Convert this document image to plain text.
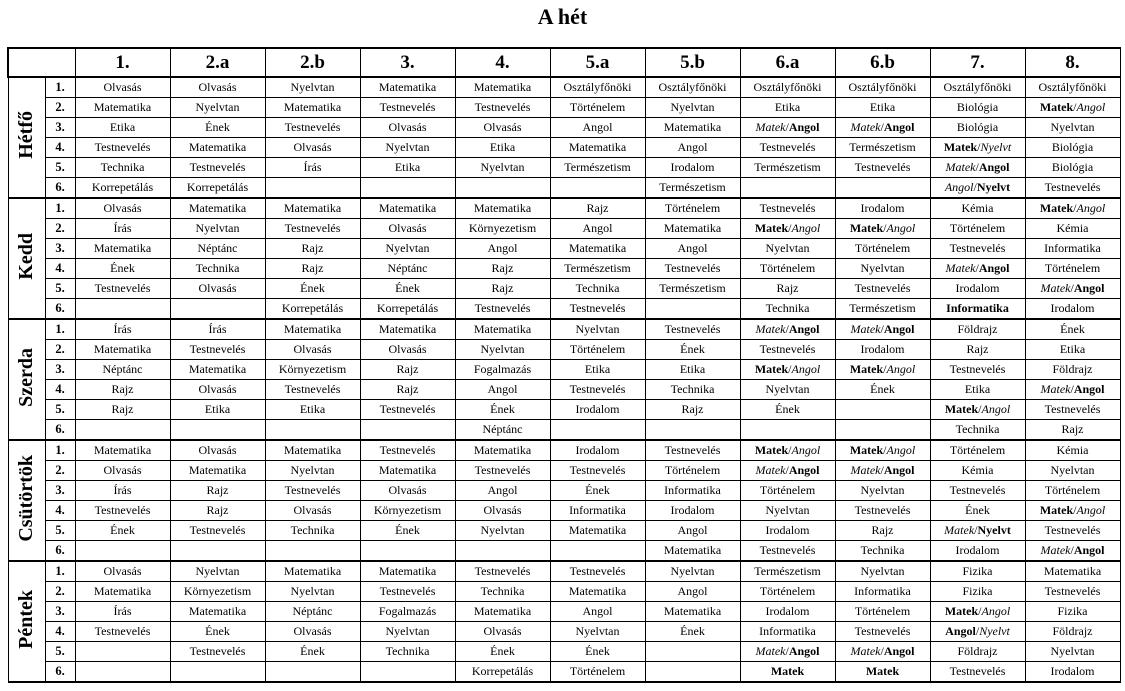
A hét
		1.	2.a	2.b	3.	4.	5.a	5.b	6.a	6.b	7.	8.
Hétfő	1.	Olvasás	Olvasás	Nyelvtan	Matematika	Matematika	Osztályfőnöki	Osztályfőnöki	Osztályfőnöki	Osztályfőnöki	Osztályfőnöki	Osztályfőnöki
	2.	Matematika	Nyelvtan	Matematika	Testnevelés	Testnevelés	Történelem	Nyelvtan	Etika	Etika	Biológia	Matek/Angol
	3.	Etika	Ének	Testnevelés	Olvasás	Olvasás	Angol	Matematika	Matek/Angol	Matek/Angol	Biológia	Nyelvtan
	4.	Testnevelés	Matematika	Olvasás	Nyelvtan	Etika	Matematika	Angol	Testnevelés	Természetism	Matek/Nyelvt	Biológia
	5.	Technika	Testnevelés	Írás	Etika	Nyelvtan	Természetism	Irodalom	Természetism	Testnevelés	Matek/Angol	Biológia
	6.	Korrepetálás	Korrepetálás					Természetism			Angol/Nyelvt	Testnevelés
Kedd	1.	Olvasás	Matematika	Matematika	Matematika	Matematika	Rajz	Történelem	Testnevelés	Irodalom	Kémia	Matek/Angol
	2.	Írás	Nyelvtan	Testnevelés	Olvasás	Környezetism	Angol	Matematika	Matek/Angol	Matek/Angol	Történelem	Kémia
	3.	Matematika	Néptánc	Rajz	Nyelvtan	Angol	Matematika	Angol	Nyelvtan	Történelem	Testnevelés	Informatika
	4.	Ének	Technika	Rajz	Néptánc	Rajz	Természetism	Testnevelés	Történelem	Nyelvtan	Matek/Angol	Történelem
	5.	Testnevelés	Olvasás	Ének	Ének	Rajz	Technika	Természetism	Rajz	Testnevelés	Irodalom	Matek/Angol
	6.			Korrepetálás	Korrepetálás	Testnevelés	Testnevelés		Technika	Természetism	Informatika	Irodalom
Szerda	1.	Írás	Írás	Matematika	Matematika	Matematika	Nyelvtan	Testnevelés	Matek/Angol	Matek/Angol	Földrajz	Ének
	2.	Matematika	Testnevelés	Olvasás	Olvasás	Nyelvtan	Történelem	Ének	Testnevelés	Irodalom	Rajz	Etika
	3.	Néptánc	Matematika	Környezetism	Rajz	Fogalmazás	Etika	Etika	Matek/Angol	Matek/Angol	Testnevelés	Földrajz
	4.	Rajz	Olvasás	Testnevelés	Rajz	Angol	Testnevelés	Technika	Nyelvtan	Ének	Etika	Matek/Angol
	5.	Rajz	Etika	Etika	Testnevelés	Ének	Irodalom	Rajz	Ének		Matek/Angol	Testnevelés
	6.					Néptánc					Technika	Rajz
Csütörtök	1.	Matematika	Olvasás	Matematika	Testnevelés	Matematika	Irodalom	Testnevelés	Matek/Angol	Matek/Angol	Történelem	Kémia
	2.	Olvasás	Matematika	Nyelvtan	Matematika	Testnevelés	Testnevelés	Történelem	Matek/Angol	Matek/Angol	Kémia	Nyelvtan
	3.	Írás	Rajz	Testnevelés	Olvasás	Angol	Ének	Informatika	Történelem	Nyelvtan	Testnevelés	Történelem
	4.	Testnevelés	Rajz	Olvasás	Környezetism	Olvasás	Informatika	Irodalom	Nyelvtan	Testnevelés	Ének	Matek/Angol
	5.	Ének	Testnevelés	Technika	Ének	Nyelvtan	Matematika	Angol	Irodalom	Rajz	Matek/Nyelvt	Testnevelés
	6.							Matematika	Testnevelés	Technika	Irodalom	Matek/Angol
Péntek	1.	Olvasás	Nyelvtan	Matematika	Matematika	Testnevelés	Testnevelés	Nyelvtan	Természetism	Nyelvtan	Fizika	Matematika
	2.	Matematika	Környezetism	Nyelvtan	Testnevelés	Technika	Matematika	Angol	Történelem	Informatika	Fizika	Testnevelés
	3.	Írás	Matematika	Néptánc	Fogalmazás	Matematika	Angol	Matematika	Irodalom	Történelem	Matek/Angol	Fizika
	4.	Testnevelés	Ének	Olvasás	Nyelvtan	Olvasás	Nyelvtan	Ének	Informatika	Testnevelés	Angol/Nyelvt	Földrajz
	5.		Testnevelés	Ének	Technika	Ének	Ének		Matek/Angol	Matek/Angol	Földrajz	Nyelvtan
	6.					Korrepetálás	Történelem		Matek	Matek	Testnevelés	Irodalom
